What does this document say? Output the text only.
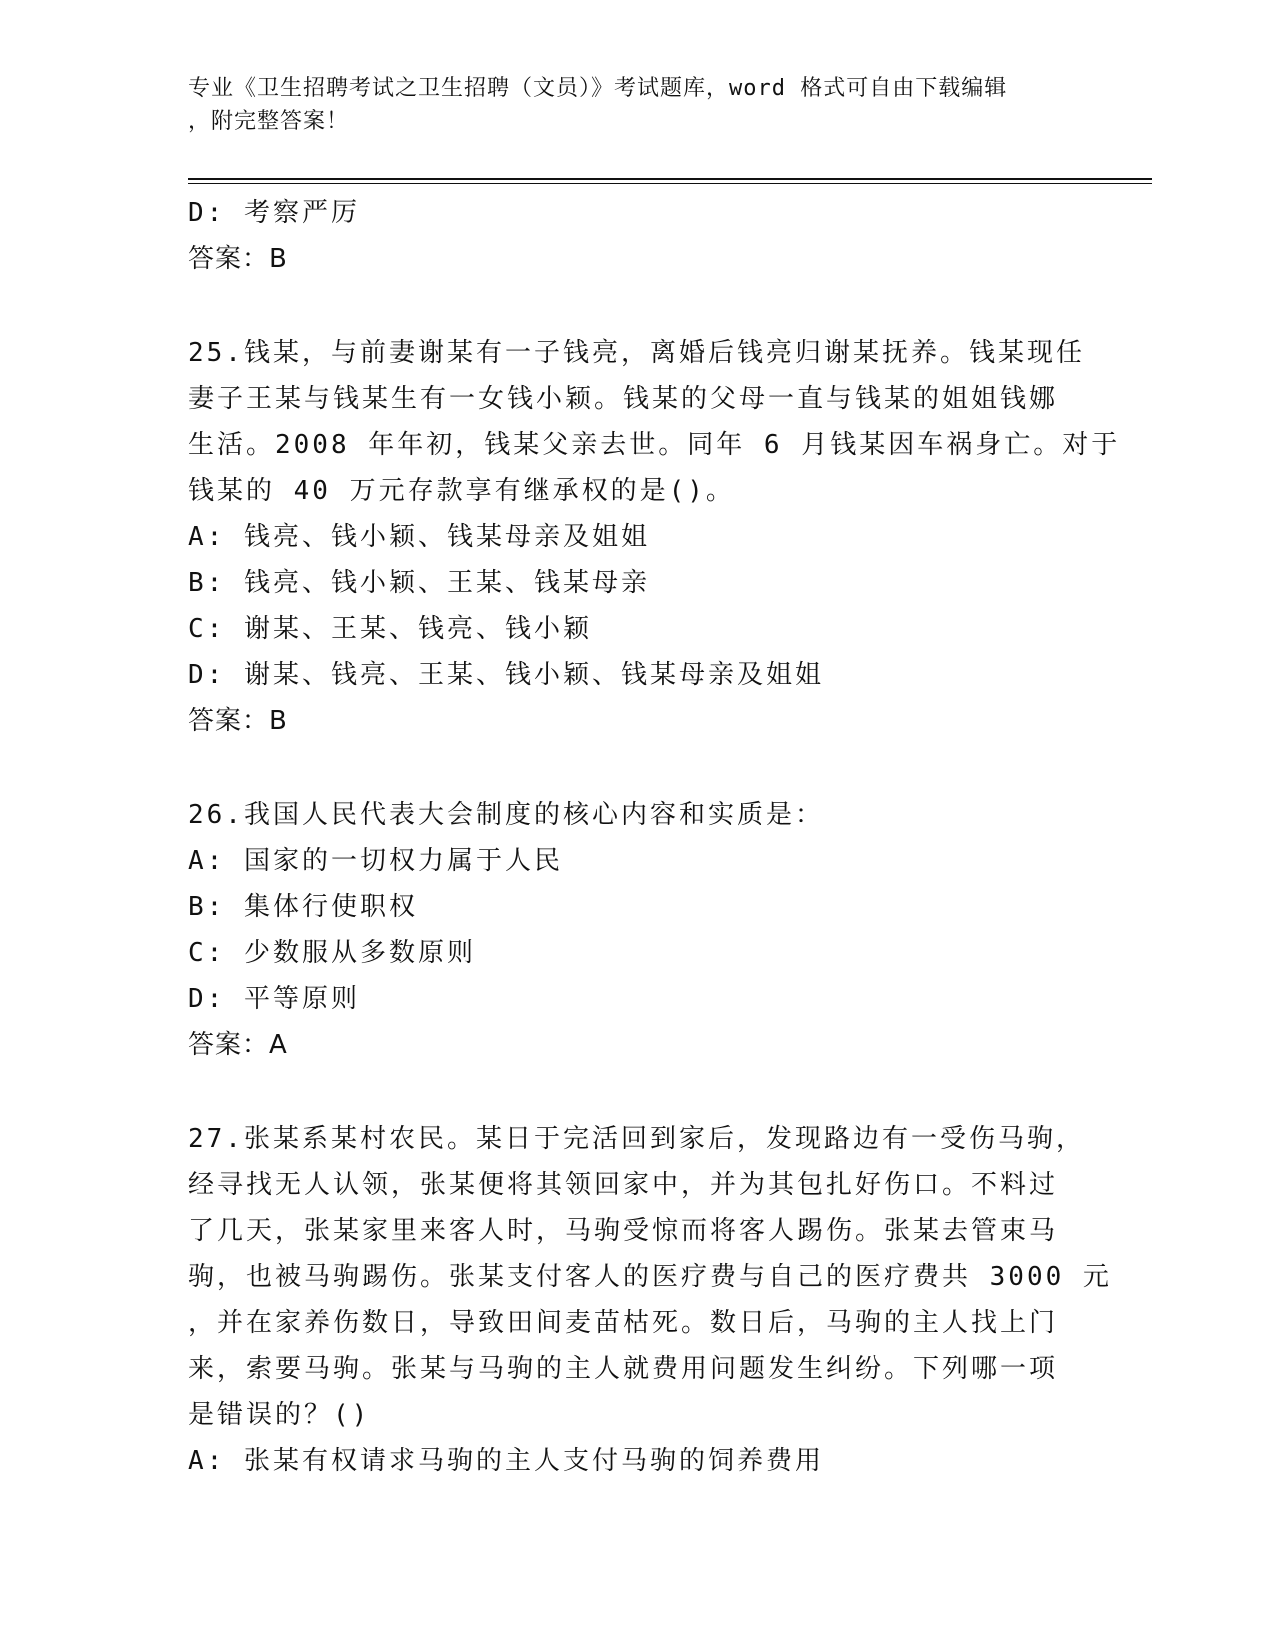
专业《卫生招聘考试之卫生招聘（文员）》考试题库，word 格式可自由下载编辑
，附完整答案！
D: 考察严厉
答案：B
25.钱某，与前妻谢某有一子钱亮，离婚后钱亮归谢某抚养。钱某现任
妻子王某与钱某生有一女钱小颖。钱某的父母一直与钱某的姐姐钱娜
生活。2008 年年初，钱某父亲去世。同年 6 月钱某因车祸身亡。对于
钱某的 40 万元存款享有继承权的是()。
A: 钱亮、钱小颖、钱某母亲及姐姐
B: 钱亮、钱小颖、王某、钱某母亲
C: 谢某、王某、钱亮、钱小颖
D: 谢某、钱亮、王某、钱小颖、钱某母亲及姐姐
答案：B
26.我国人民代表大会制度的核心内容和实质是：
A: 国家的一切权力属于人民
B: 集体行使职权
C: 少数服从多数原则
D: 平等原则
答案：A
27.张某系某村农民。某日于完活回到家后，发现路边有一受伤马驹，
经寻找无人认领，张某便将其领回家中，并为其包扎好伤口。不料过
了几天，张某家里来客人时，马驹受惊而将客人踢伤。张某去管束马
驹，也被马驹踢伤。张某支付客人的医疗费与自己的医疗费共 3000 元
，并在家养伤数日，导致田间麦苗枯死。数日后，马驹的主人找上门
来，索要马驹。张某与马驹的主人就费用问题发生纠纷。下列哪一项
是错误的？()
A: 张某有权请求马驹的主人支付马驹的饲养费用
